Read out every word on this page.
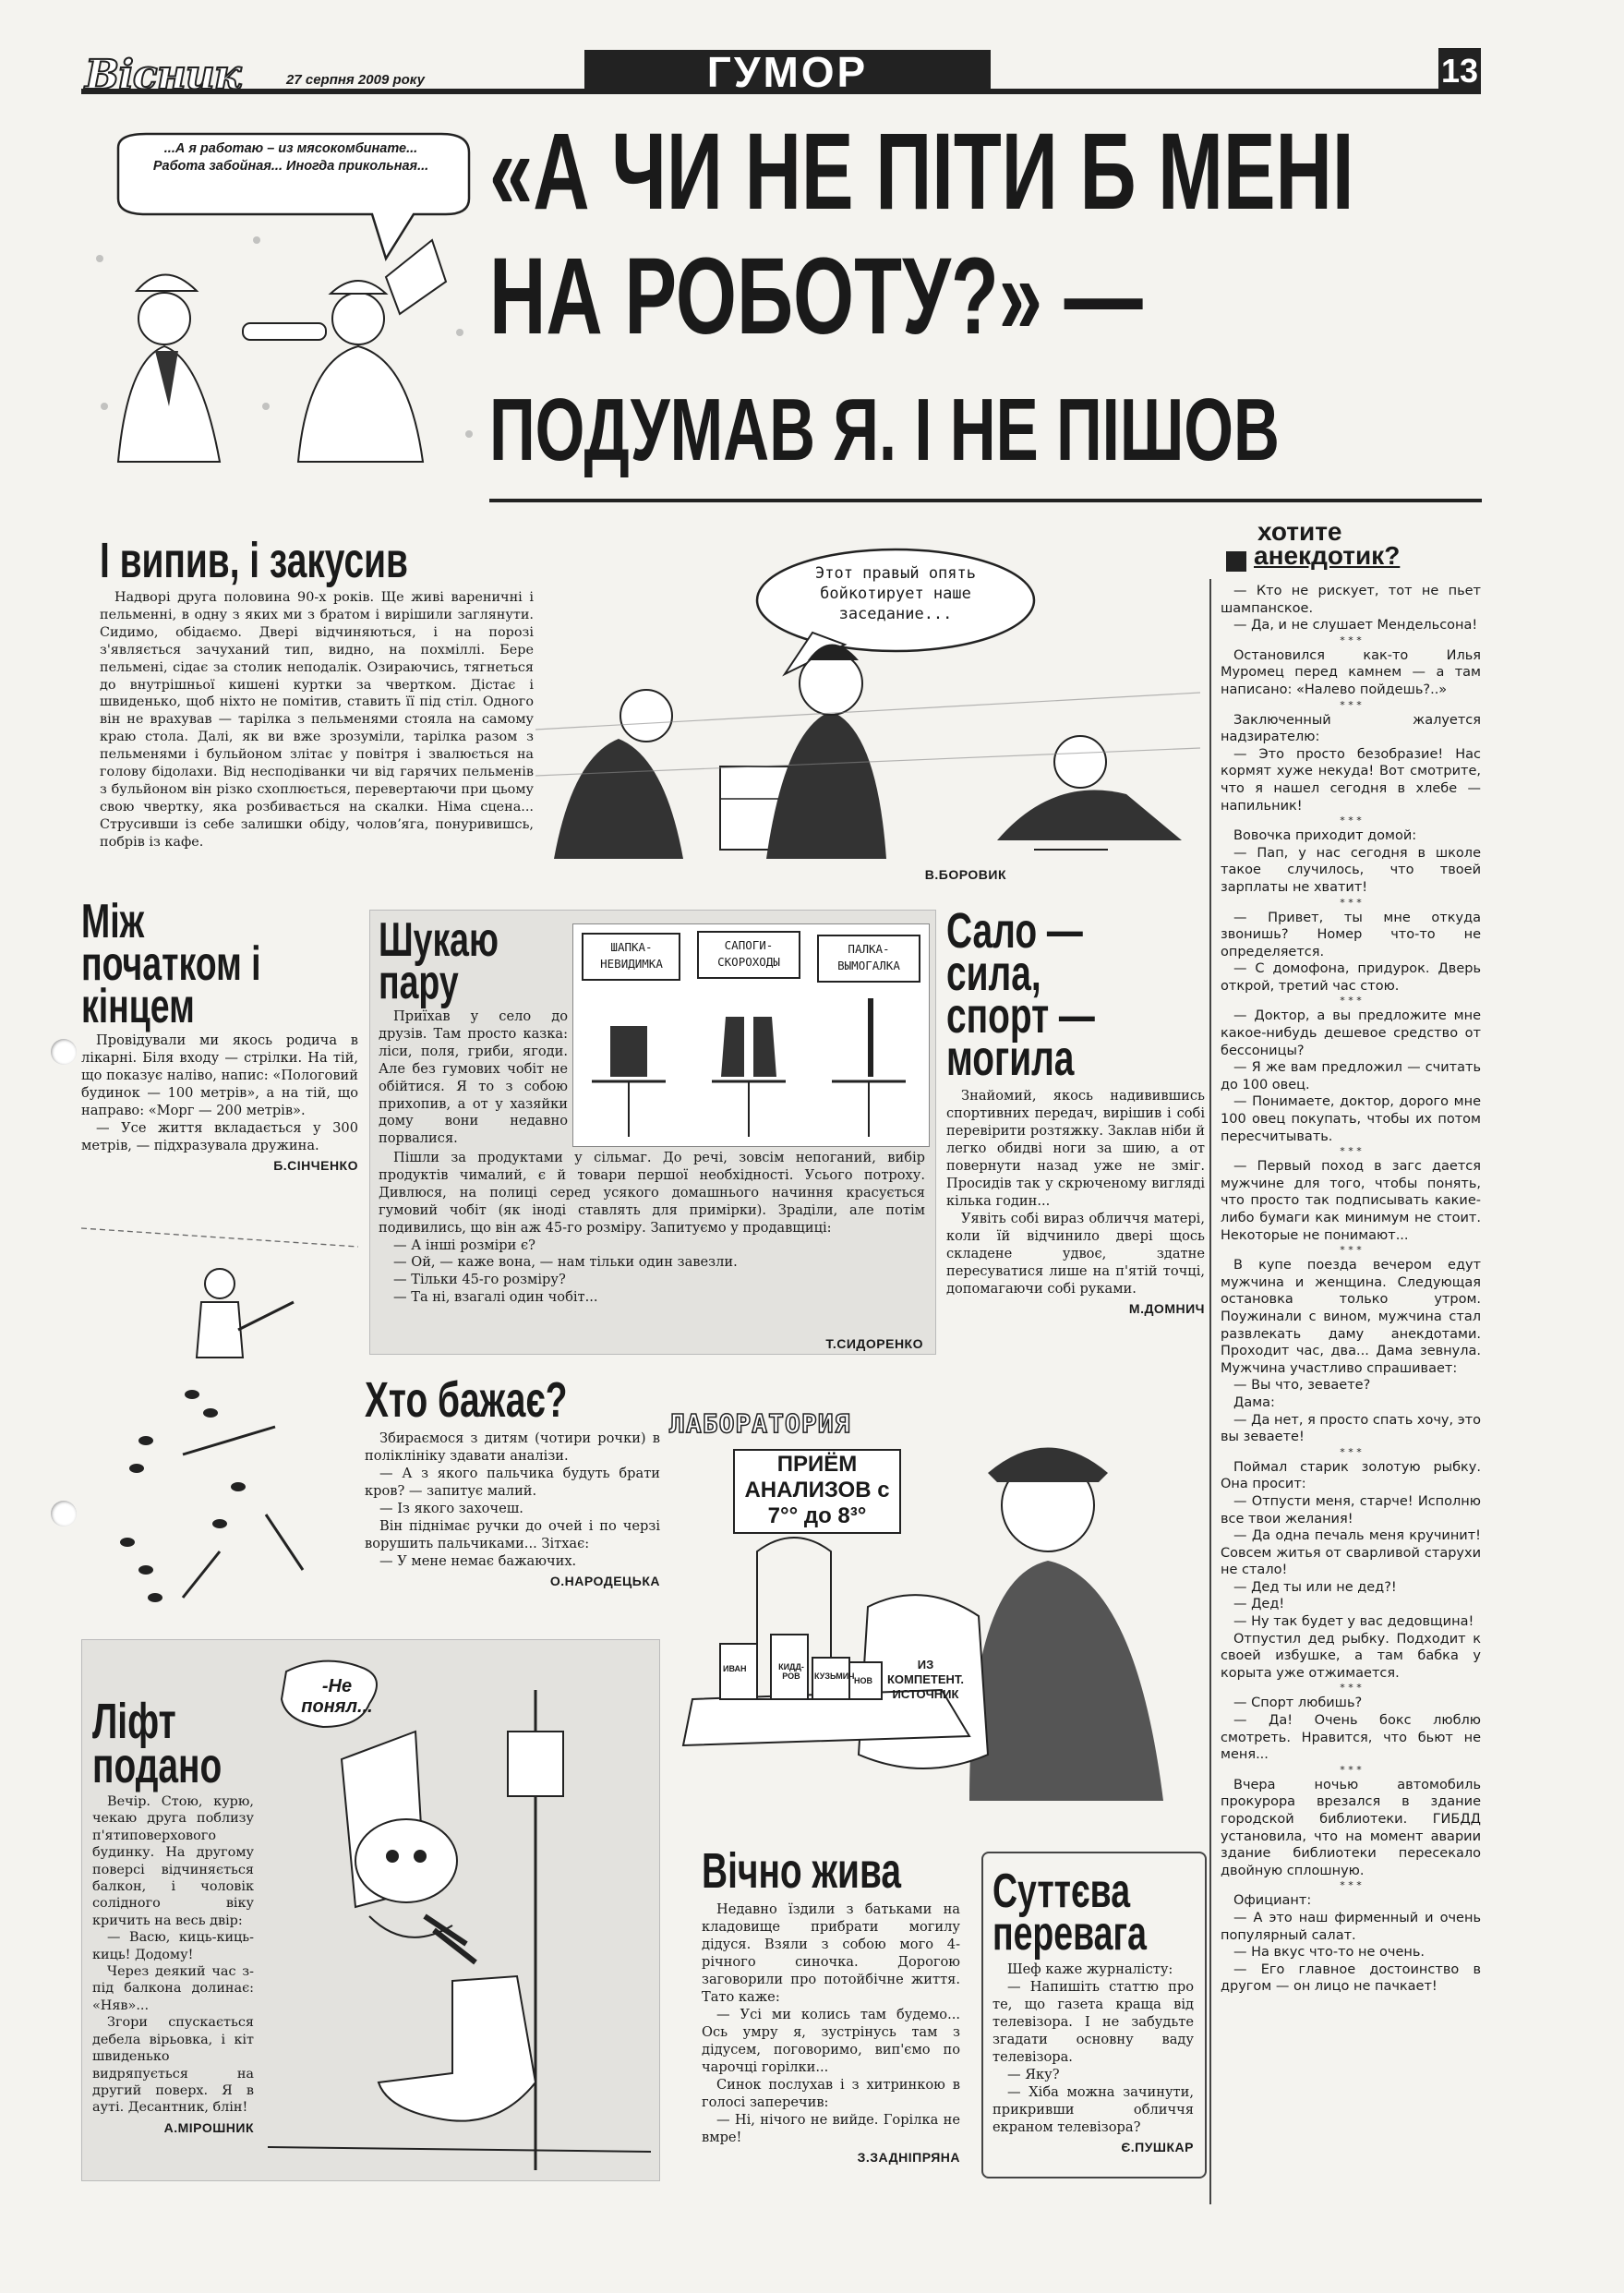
Вісник	27 серпня 2009 року	ГУМОР	13
...А я работаю – из мясокомбинате... Работа забойная... Иногда прикольная... «А ЧИ НЕ ПІТИ Б МЕНІ
НА РОБОТУ?» —
ПОДУМАВ Я. І НЕ ПІШОВ
хотите
анекдотик?
— Кто не рискует, тот не пьет шампанское.
— Да, и не слушает Мендельсона!
* * *
Остановился как-то Илья Муромец перед камнем — а там написано: «Налево пойдешь?..»
* * *
Заключенный жалуется надзирателю:
— Это просто безобразие! Нас кормят хуже некуда! Вот смотрите, что я нашел сегодня в хлебе — напильник!
* * *
Вовочка приходит домой:
— Пап, у нас сегодня в школе такое случилось, что твоей зарплаты не хватит!
* * *
— Привет, ты мне откуда звонишь? Номер что-то не определяется.
— С домофона, придурок. Дверь открой, третий час стою.
* * *
— Доктор, а вы предложите мне какое-нибудь дешевое средство от бессоницы?
— Я же вам предложил — считать до 100 овец.
— Понимаете, доктор, дорого мне 100 овец покупать, чтобы их потом пересчитывать.
* * *
— Первый поход в загс дается мужчине для того, чтобы понять, что просто так подписывать какие-либо бумаги как минимум не стоит. Некоторые не понимают...
* * *
В купе поезда вечером едут мужчина и женщина. Следующая остановка только утром. Поужинали с вином, мужчина стал развлекать даму анекдотами. Проходит час, два... Дама зевнула. Мужчина участливо спрашивает:
— Вы что, зеваете?
Дама:
— Да нет, я просто спать хочу, это вы зеваете!
* * *
Поймал старик золотую рыбку. Она просит:
— Отпусти меня, старче! Исполню все твои желания!
— Да одна печаль меня кручинит! Совсем житья от сварливой старухи не стало!
— Дед ты или не дед?!
— Дед!
— Ну так будет у вас дедовщина!
Отпустил дед рыбку. Подходит к своей избушке, а там бабка у корыта уже отжимается.
* * *
— Спорт любишь?
— Да! Очень бокс люблю смотреть. Нравится, что бьют не меня...
* * *
Вчера ночью автомобиль прокурора врезался в здание городской библиотеки. ГИБДД установила, что на момент аварии здание библиотеки пересекало двойную сплошную.
* * *
Официант:
— А это наш фирменный и очень популярный салат.
— На вкус что-то не очень.
— Его главное достоинство в другом — он лицо не пачкает!
І випив, і закусив

Надворі друга половина 90-х років. Ще живі вареничні і пельменні, в одну з яких ми з братом і вирішили заглянути. Сидимо, обідаємо. Двері відчиняються, і на порозі з'являється зачуханий тип, видно, на похміллі. Бере пельмені, сідає за столик неподалік. Озираючись, тягнеться до внутрішньої кишені куртки за чвертком. Дістає і швиденько, щоб ніхто не помітив, ставить її під стіл. Одного він не врахував — тарілка з пельменями стояла на самому краю стола. Далі, як ви вже зрозуміли, тарілка разом з пельменями і бульйоном злітає у повітря і звалюється на голову бідолахи. Від несподіванки чи від гарячих пельменів з бульйоном він різко схоплюється, перевертаючи при цьому свою чвертку, яка розбивається на скалки. Німа сцена... Струсивши із себе залишки обіду, чоловʼяга, понуривишсь, побрів із кафе.

В.БОРОВИК
Этот правый опять бойкотирует наше заседание...
Між початком і кінцем

Провідували ми якось родича в лікарні. Біля входу — стрілки. На тій, що показує наліво, напис: «Пологовий будинок — 100 метрів», а на тій, що направо: «Морг — 200 метрів».

— Усе життя вкладається у 300 метрів, — підхразувала дружина.

Б.СІНЧЕНКО
Шукаю пару

Приїхав у село до друзів. Там просто казка: ліси, поля, гриби, ягоди. Але без гумових чобіт не обійтися. Я то з собою прихопив, а от у хазяйки дому вони недавно порвалися.

Пішли за продуктами у сільмаг. До речі, зовсім непоганий, вибір продуктів чималий, є й товари першої необхідності. Усього потроху. Дивлюся, на полиці серед усякого домашнього начиння красується гумовий чобіт (як іноді ставлять для примірки). Зраділи, але потім подивились, що він аж 45-го розміру. Запитуємо у продавщиці:

— А інші розміри є?

— Ой, — каже вона, — нам тільки один завезли.

— Тільки 45-го розміру?

— Та ні, взагалі один чобіт...

Т.СИДОРЕНКО
ШАПКА-НЕВИДИМКА
САПОГИ-СКОРОХОДЫ
ПАЛКА-ВЫМОГАЛКА
Сало — сила, спорт — могила

Знайомий, якось надивившись спортивних передач, вирішив і собі перевірити розтяжку. Заклав ніби й легко обидві ноги за шию, а от повернути назад уже не зміг. Просидів так у скрюченому вигляді кілька годин...

Уявіть собі вираз обличчя матері, коли їй відчинило двері щось складене удвоє, здатне пересуватися лише на п'ятій точці, допомагаючи собі руками.

М.ДОМНИЧ
Хто бажає?

Збираємося з дитям (чотири рочки) в поліклініку здавати аналізи.

— А з якого пальчика будуть брати кров? — запитує малий.

— Із якого захочеш.

Він піднімає ручки до очей і по черзі ворушить пальчиками... Зітхає:

— У мене немає бажаючих.

О.НАРОДЕЦЬКА
ЛАБОРАТОРИЯ
ПРИЁМ АНАЛИЗОВ с 7°° до 8³°
ИЗ КОМПЕТЕНТ. ИСТОЧНИК
ИВАН	КИДД-РОВ	КУЗЬМИЧ НОВ
Ліфт подано

Вечір. Стою, курю, чекаю друга поблизу п'ятиповерхового будинку. На другому поверсі відчиняється балкон, і чоловік солідного віку кричить на весь двір:

— Васю, киць-киць-киць! Додому!

Через деякий час з-під балкона долинає: «Няв»...

Згори спускається дебела вірьовка, і кіт швиденько видряпується на другий поверх. Я в ауті. Десантник, блін!

А.МІРОШНИК
-Не понял...
Вічно жива

Недавно їздили з батьками на кладовище прибрати могилу дідуся. Взяли з собою мого 4-річного синочка. Дорогою заговорили про потойбічне життя. Тато каже:

— Усі ми колись там будемо... Ось умру я, зустрінусь там з дідусем, поговоримо, вип'ємо по чарочці горілки...

Синок послухав і з хитринкою в голосі заперечив:

— Ні, нічого не вийде. Горілка не вмре!

З.ЗАДНІПРЯНА
Суттєва перевага

Шеф каже журналісту:

— Напишіть статтю про те, що газета краща від телевізора. І не забудьте згадати основну ваду телевізора.

— Яку?

— Хіба можна зачинути, прикривши обличчя екраном телевізора?

Є.ПУШКАР
